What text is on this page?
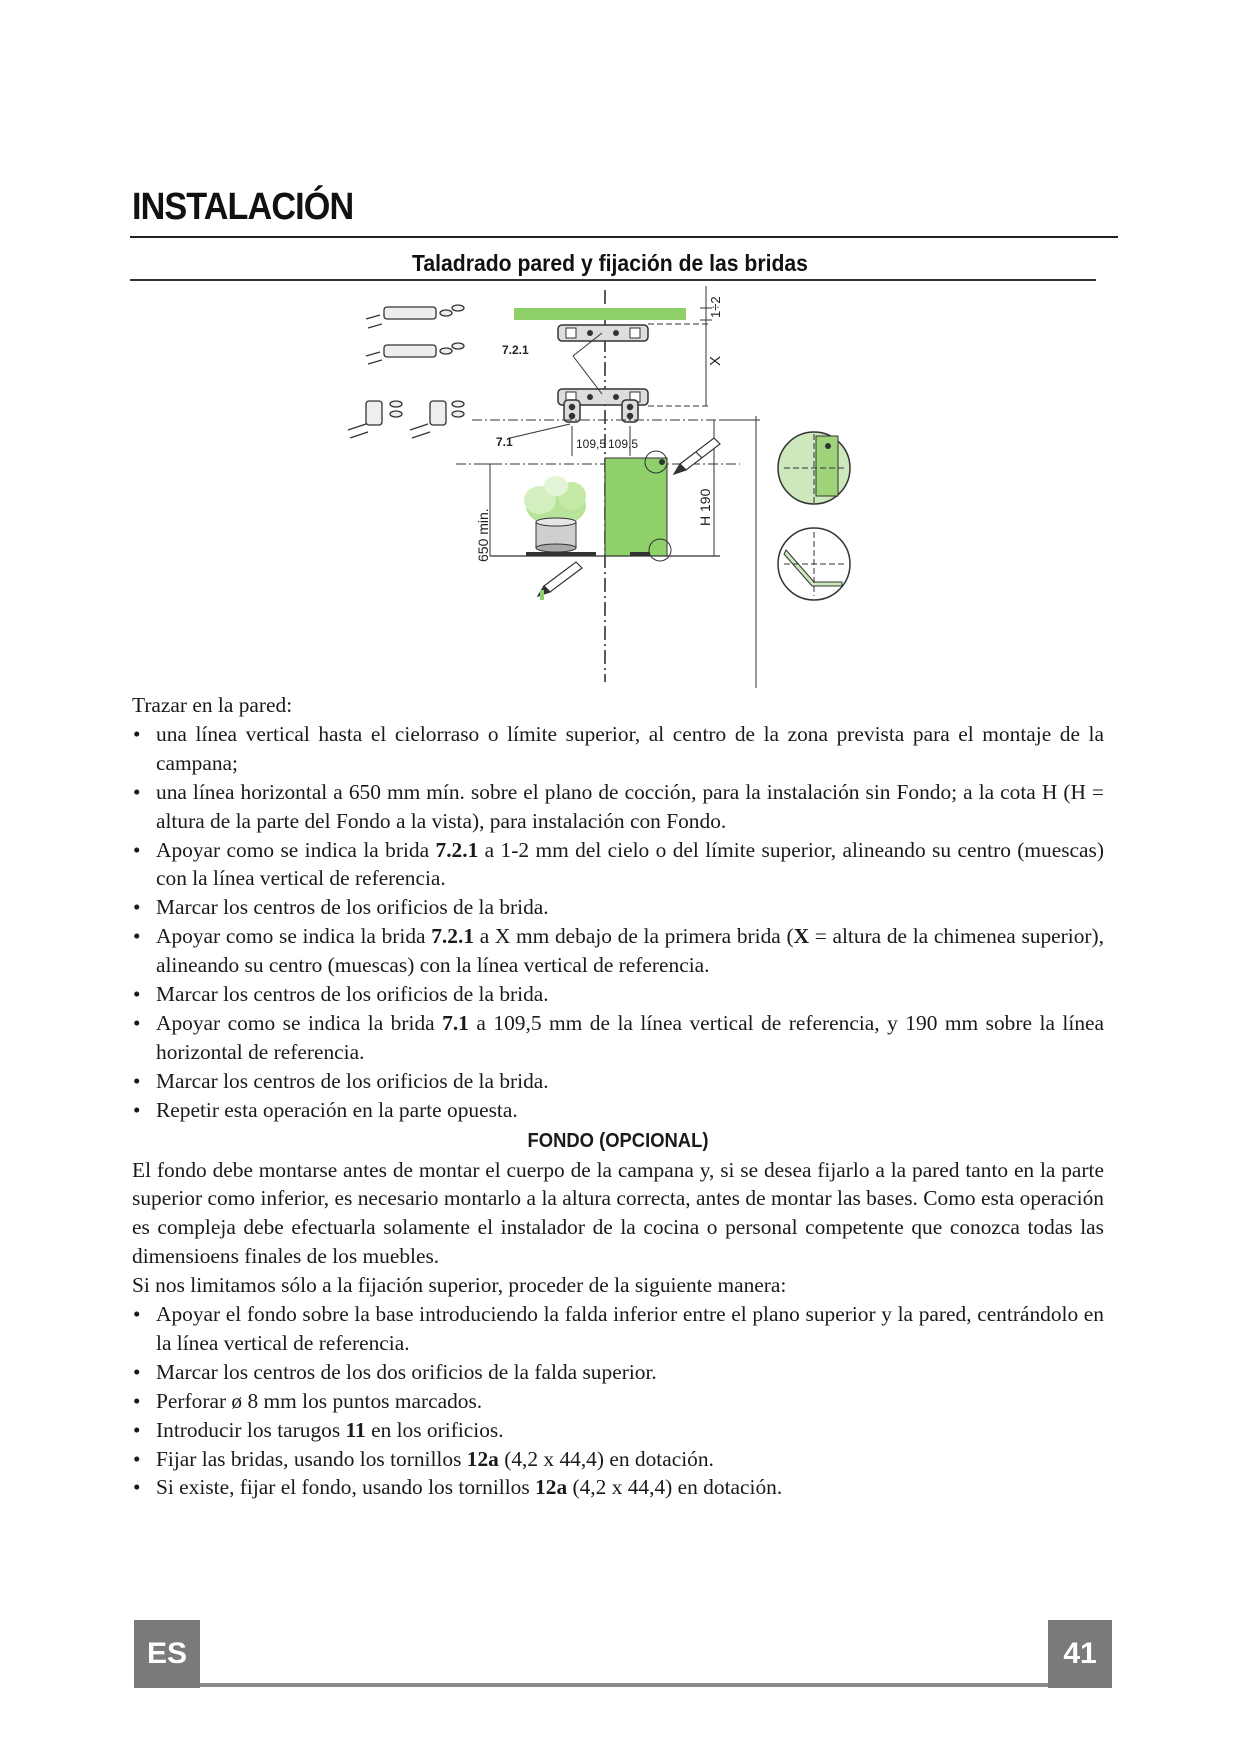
INSTALACIÓN
Taladrado pared y fijación de las bridas
7.2.1
1÷2
X
7.1	109,5 109,5
H 190
650 min.

Trazar en la pared:

• una línea vertical hasta el cielorraso o límite superior, al centro de la zona prevista para el montaje de la campana;
• una línea horizontal a 650 mm mín. sobre el plano de cocción, para la instalación sin Fondo; a la cota H (H = altura de la parte del Fondo a la vista), para instalación con Fondo.
• Apoyar como se indica la brida 7.2.1 a 1-2 mm del cielo o del límite superior, alineando su centro (muescas) con la línea vertical de referencia.
• Marcar los centros de los orificios de la brida.
• Apoyar como se indica la brida 7.2.1 a X mm debajo de la primera brida (X = altura de la chimenea superior), alineando su centro (muescas) con la línea vertical de referencia.
• Marcar los centros de los orificios de la brida.
• Apoyar como se indica la brida 7.1 a 109,5 mm de la línea vertical de referencia, y 190 mm sobre la línea horizontal de referencia.
• Marcar los centros de los orificios de la brida.
• Repetir esta operación en la parte opuesta.
FONDO (OPCIONAL)

El fondo debe montarse antes de montar el cuerpo de la campana y, si se desea fijarlo a la pared tanto en la parte superior como inferior, es necesario montarlo a la altura correcta, antes de montar las bases. Como esta operación es compleja debe efectuarla solamente el instalador de la cocina o personal competente que conozca todas las dimensioens finales de los muebles.

Si nos limitamos sólo a la fijación superior, proceder de la siguiente manera:

• Apoyar el fondo sobre la base introduciendo la falda inferior entre el plano superior y la pared, centrándolo en la línea vertical de referencia.
• Marcar los centros de los dos orificios de la falda superior.
• Perforar ø 8 mm los puntos marcados.
• Introducir los tarugos 11 en los orificios.
• Fijar las bridas, usando los tornillos 12a (4,2 x 44,4) en dotación.
• Si existe, fijar el fondo, usando los tornillos 12a (4,2 x 44,4) en dotación.
ES	41
